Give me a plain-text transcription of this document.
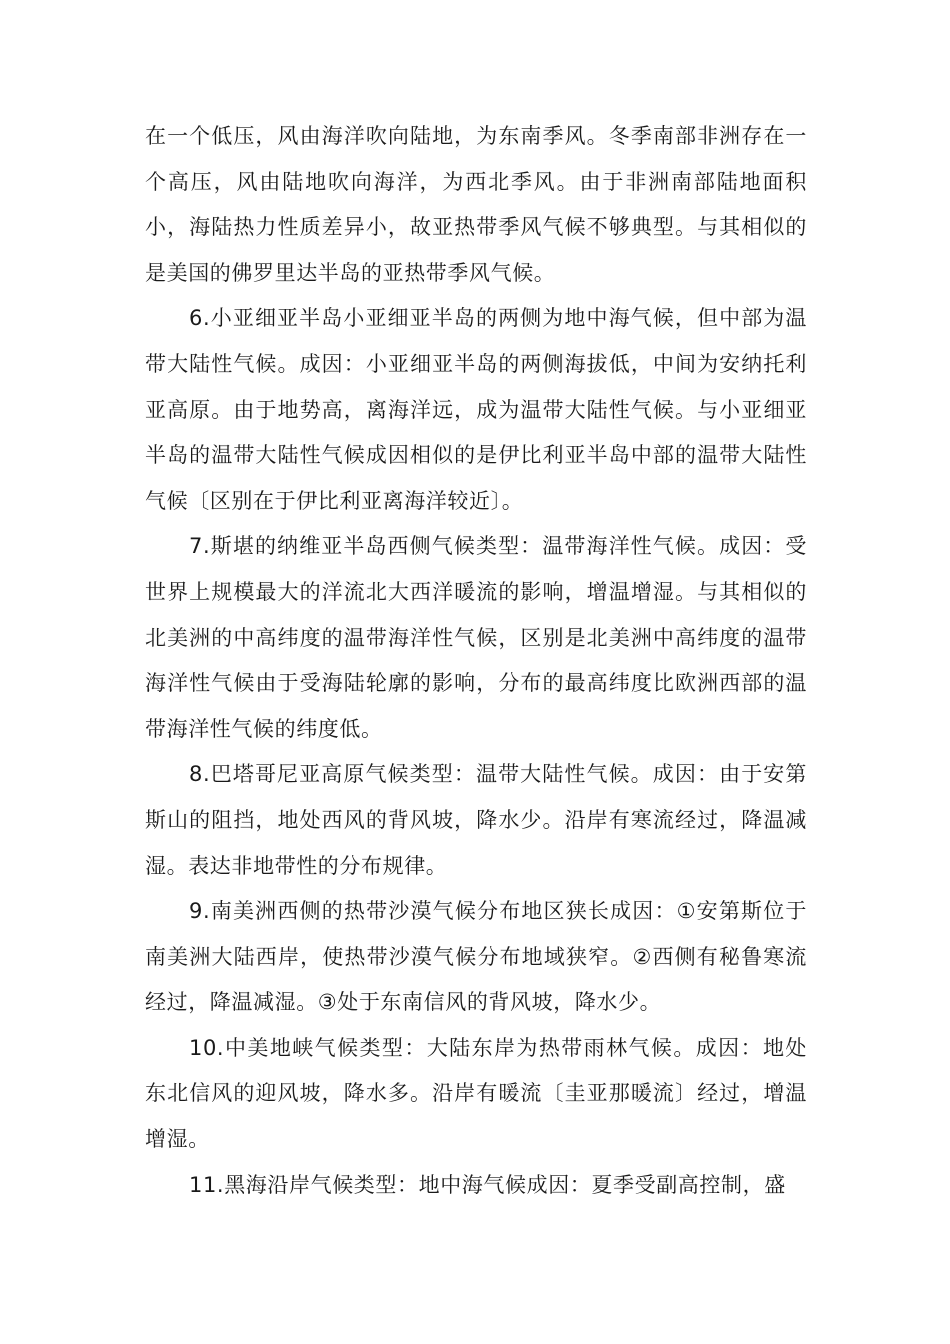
在一个低压，风由海洋吹向陆地，为东南季风。冬季南部非洲存在一个高压，风由陆地吹向海洋，为西北季风。由于非洲南部陆地面积小，海陆热力性质差异小，故亚热带季风气候不够典型。与其相似的是美国的佛罗里达半岛的亚热带季风气候。

6.小亚细亚半岛小亚细亚半岛的两侧为地中海气候，但中部为温带大陆性气候。成因：小亚细亚半岛的两侧海拔低，中间为安纳托利亚高原。由于地势高，离海洋远，成为温带大陆性气候。与小亚细亚半岛的温带大陆性气候成因相似的是伊比利亚半岛中部的温带大陆性气候〔区别在于伊比利亚离海洋较近〕。

7.斯堪的纳维亚半岛西侧气候类型：温带海洋性气候。成因：受世界上规模最大的洋流北大西洋暖流的影响，增温增湿。与其相似的北美洲的中高纬度的温带海洋性气候，区别是北美洲中高纬度的温带海洋性气候由于受海陆轮廓的影响，分布的最高纬度比欧洲西部的温带海洋性气候的纬度低。

8.巴塔哥尼亚高原气候类型：温带大陆性气候。成因：由于安第斯山的阻挡，地处西风的背风坡，降水少。沿岸有寒流经过，降温减湿。表达非地带性的分布规律。

9.南美洲西侧的热带沙漠气候分布地区狭长成因：①安第斯位于南美洲大陆西岸，使热带沙漠气候分布地域狭窄。②西侧有秘鲁寒流经过，降温减湿。③处于东南信风的背风坡，降水少。

10.中美地峡气候类型：大陆东岸为热带雨林气候。成因：地处东北信风的迎风坡，降水多。沿岸有暖流〔圭亚那暖流〕经过，增温增湿。

11.黑海沿岸气候类型：地中海气候成因：夏季受副高控制，盛
